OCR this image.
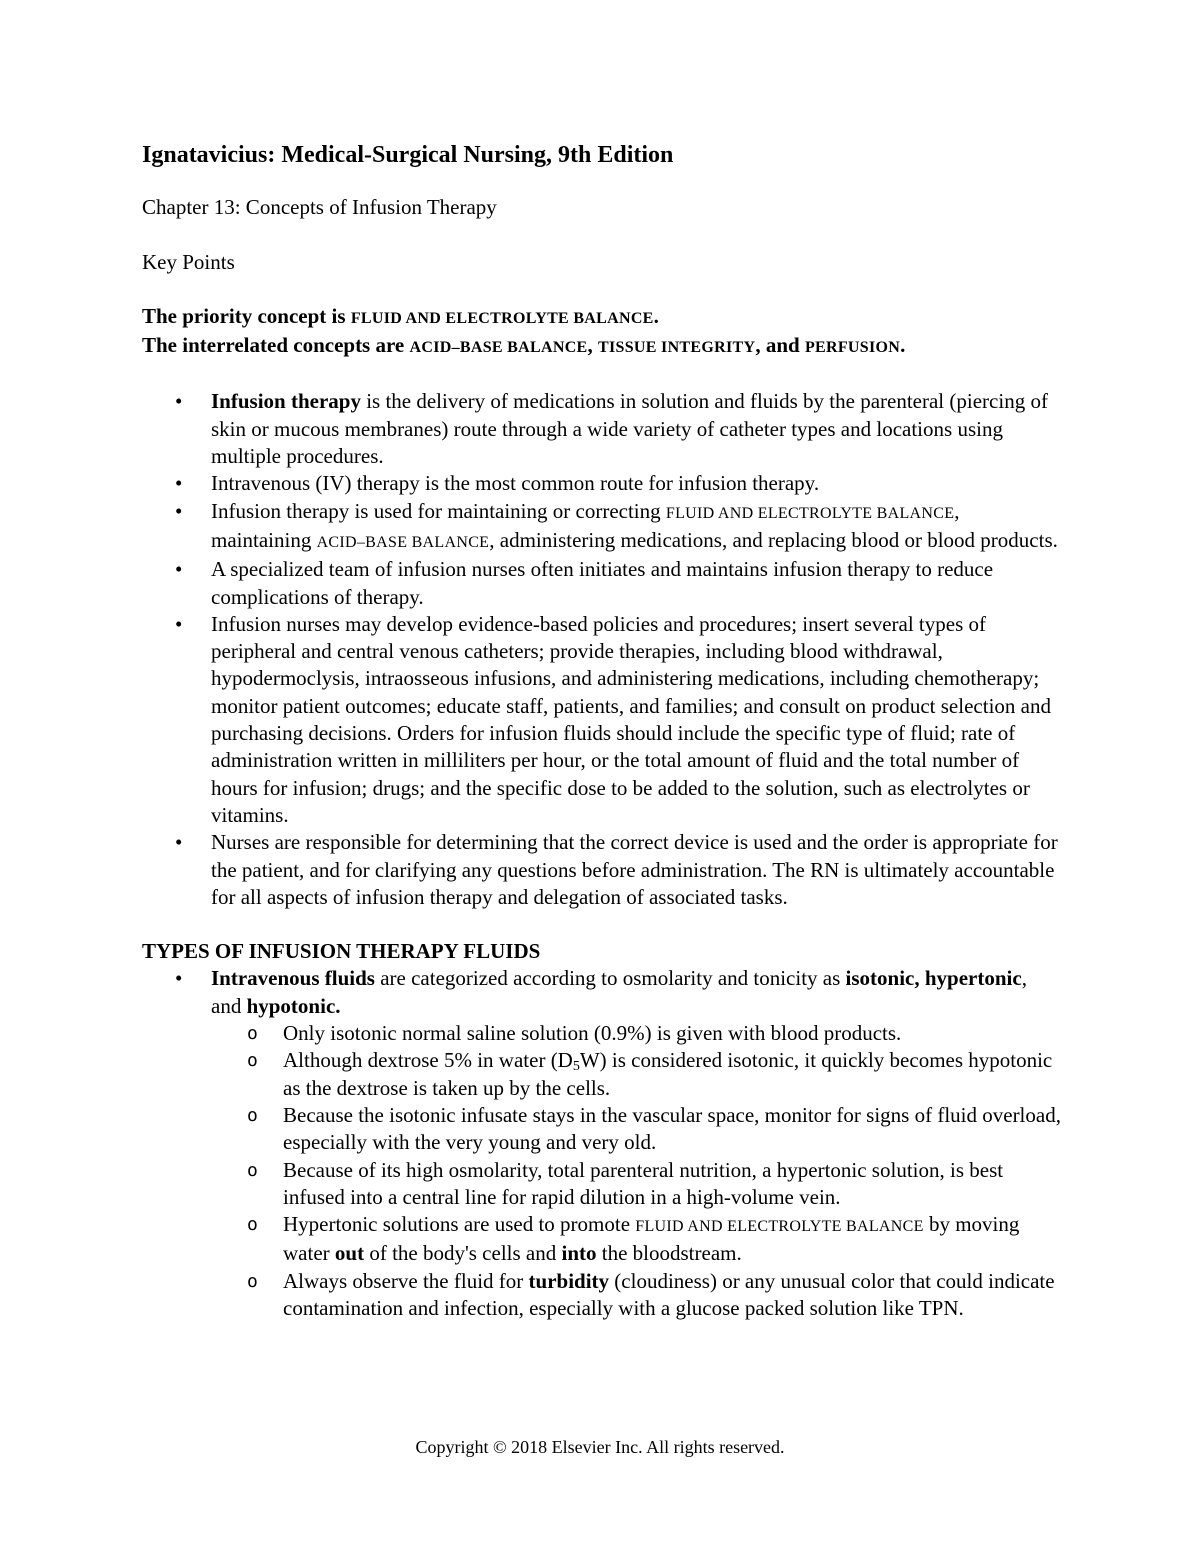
Ignatavicius: Medical-Surgical Nursing, 9th Edition
Chapter 13: Concepts of Infusion Therapy
Key Points

The priority concept is FLUID AND ELECTROLYTE BALANCE.

The interrelated concepts are ACID–BASE BALANCE, TISSUE INTEGRITY, and PERFUSION.

• Infusion therapy is the delivery of medications in solution and fluids by the parenteral (piercing of skin or mucous membranes) route through a wide variety of catheter types and locations using multiple procedures.
• Intravenous (IV) therapy is the most common route for infusion therapy.
• Infusion therapy is used for maintaining or correcting FLUID AND ELECTROLYTE BALANCE, maintaining ACID–BASE BALANCE, administering medications, and replacing blood or blood products.
• A specialized team of infusion nurses often initiates and maintains infusion therapy to reduce complications of therapy.
• Infusion nurses may develop evidence-based policies and procedures; insert several types of peripheral and central venous catheters; provide therapies, including blood withdrawal, hypodermoclysis, intraosseous infusions, and administering medications, including chemotherapy; monitor patient outcomes; educate staff, patients, and families; and consult on product selection and purchasing decisions. Orders for infusion fluids should include the specific type of fluid; rate of administration written in milliliters per hour, or the total amount of fluid and the total number of hours for infusion; drugs; and the specific dose to be added to the solution, such as electrolytes or vitamins.
• Nurses are responsible for determining that the correct device is used and the order is appropriate for the patient, and for clarifying any questions before administration. The RN is ultimately accountable for all aspects of infusion therapy and delegation of associated tasks.
TYPES OF INFUSION THERAPY FLUIDS
• Intravenous fluids are categorized according to osmolarity and tonicity as isotonic, hypertonic, and hypotonic.
o Only isotonic normal saline solution (0.9%) is given with blood products.
o Although dextrose 5% in water $(D_5W)$ is considered isotonic, it quickly becomes hypotonic as the dextrose is taken up by the cells.
o Because the isotonic infusate stays in the vascular space, monitor for signs of fluid overload, especially with the very young and very old.
o Because of its high osmolarity, total parenteral nutrition, a hypertonic solution, is best infused into a central line for rapid dilution in a high-volume vein.
o Hypertonic solutions are used to promote FLUID AND ELECTROLYTE BALANCE by moving water out of the body's cells and into the bloodstream.
o Always observe the fluid for turbidity (cloudiness) or any unusual color that could indicate contamination and infection, especially with a glucose packed solution like TPN.
Copyright © 2018 Elsevier Inc. All rights reserved.
